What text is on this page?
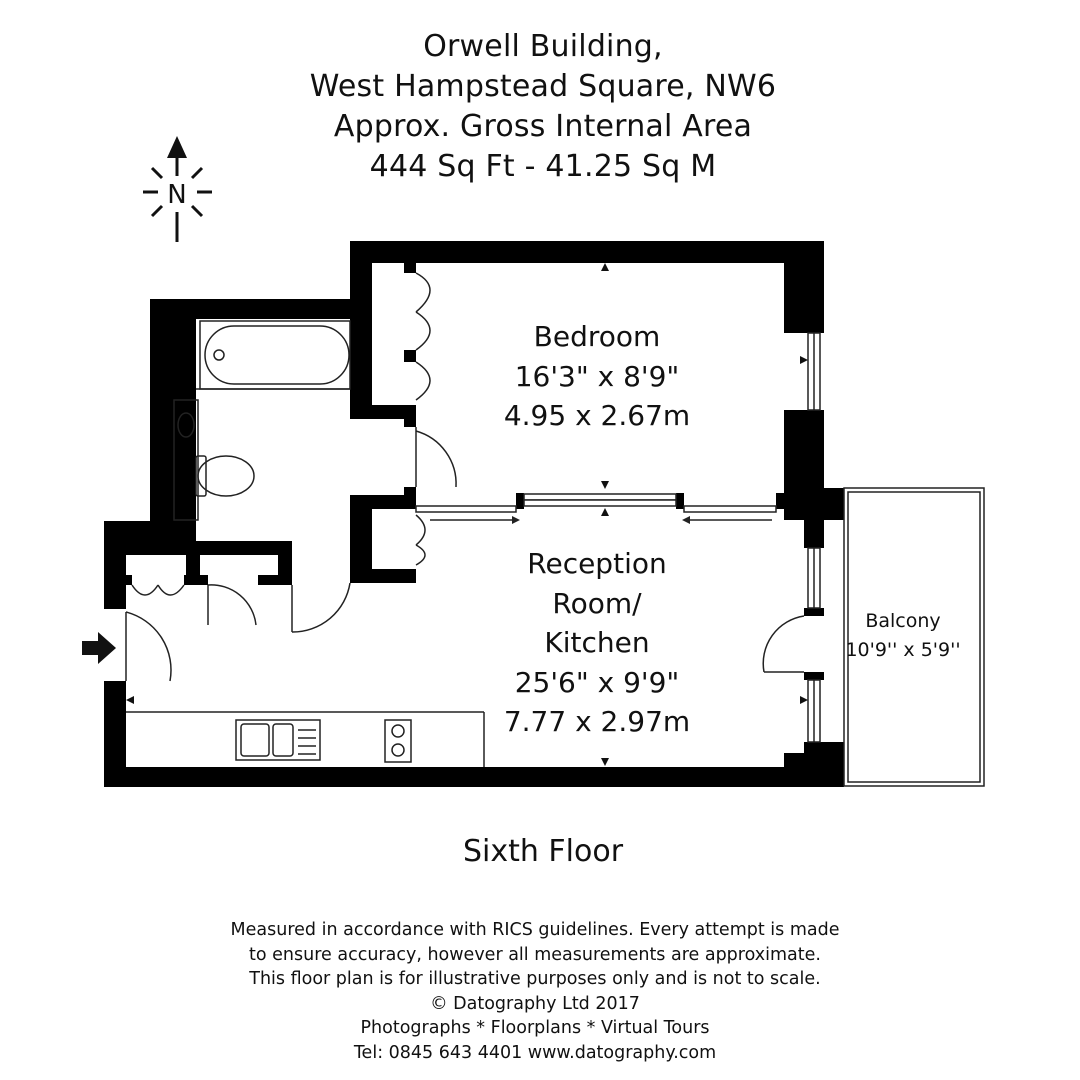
Orwell Building,
West Hampstead Square, NW6
Approx. Gross Internal Area
444 Sq Ft - 41.25 Sq M
N
Bedroom
16'3" x 8'9"
4.95 x 2.67m
Reception
Room/
Kitchen
25'6" x 9'9"
7.77 x 2.97m
Balcony
10'9'' x 5'9''
Sixth Floor
Measured in accordance with RICS guidelines. Every attempt is made
to ensure accuracy, however all measurements are approximate.
This floor plan is for illustrative purposes only and is not to scale.
© Datography Ltd 2017
Photographs * Floorplans * Virtual Tours
Tel: 0845 643 4401 www.datography.com
